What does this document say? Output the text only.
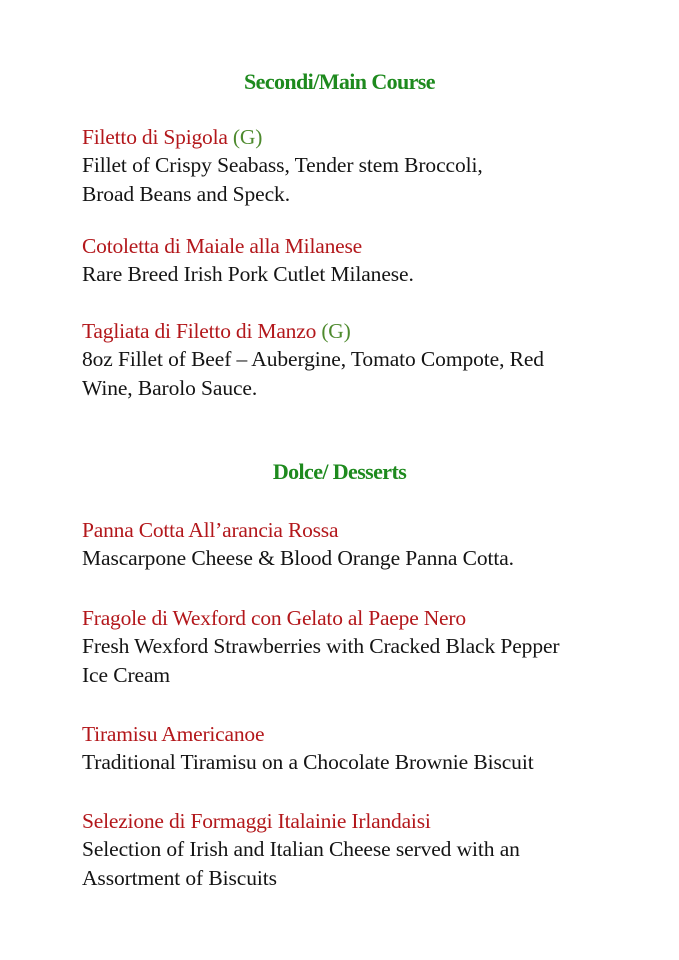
Secondi/Main Course

Filetto di Spigola (G)

Fillet of Crispy Seabass, Tender stem Broccoli,

Broad Beans and Speck.

Cotoletta di Maiale alla Milanese

Rare Breed Irish Pork Cutlet Milanese.

Tagliata di Filetto di Manzo (G)

8oz Fillet of Beef – Aubergine, Tomato Compote, Red

Wine, Barolo Sauce.

Dolce/ Desserts

Panna Cotta All’arancia Rossa

Mascarpone Cheese & Blood Orange Panna Cotta.

Fragole di Wexford con Gelato al Paepe Nero

Fresh Wexford Strawberries with Cracked Black Pepper

Ice Cream

Tiramisu Americanoe

Traditional Tiramisu on a Chocolate Brownie Biscuit

Selezione di Formaggi Italainie Irlandaisi

Selection of Irish and Italian Cheese served with an

Assortment of Biscuits
